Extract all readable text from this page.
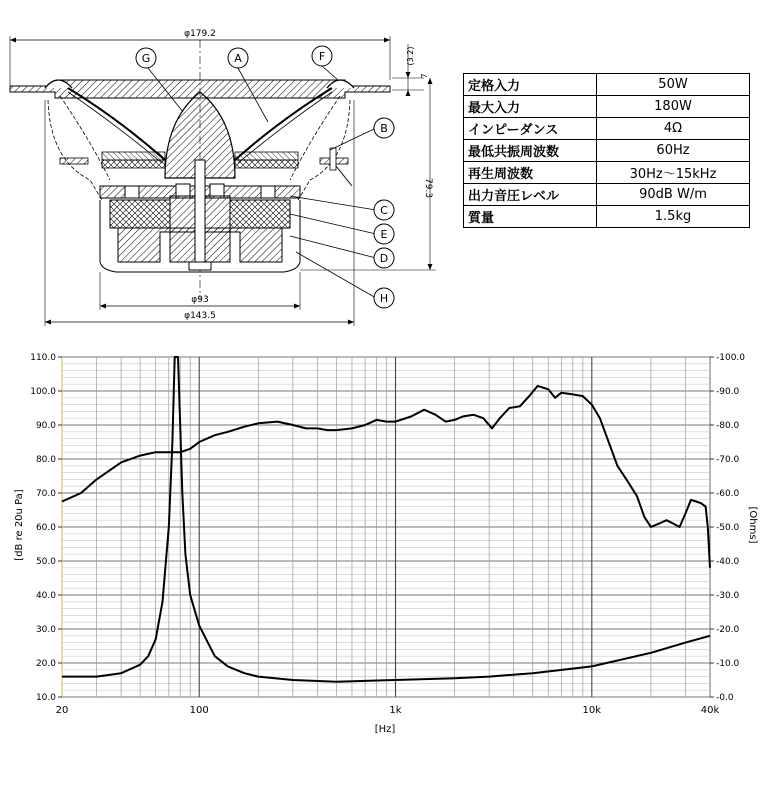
φ179.2
(3.2)
7
79.3
φ93
φ143.5
G	A	F
B
C
E
D
H
定格入力	50W
最大入力	180W
インピーダンス	4Ω
最低共振周波数	60Hz
再生周波数	30Hz～15kHz
出力音圧レベル	90dB W/m
質量	1.5kg
10.0
20.0
30.0
40.0
50.0
60.0
70.0
80.0
90.0
100.0
110.0
-0.0
-10.0
-20.0
-30.0
-40.0
-50.0
-60.0
-70.0
-80.0
-90.0
-100.0
20	100	1k	10k	40k
[dB re 20u Pa]	[Ohms]
[Hz]
